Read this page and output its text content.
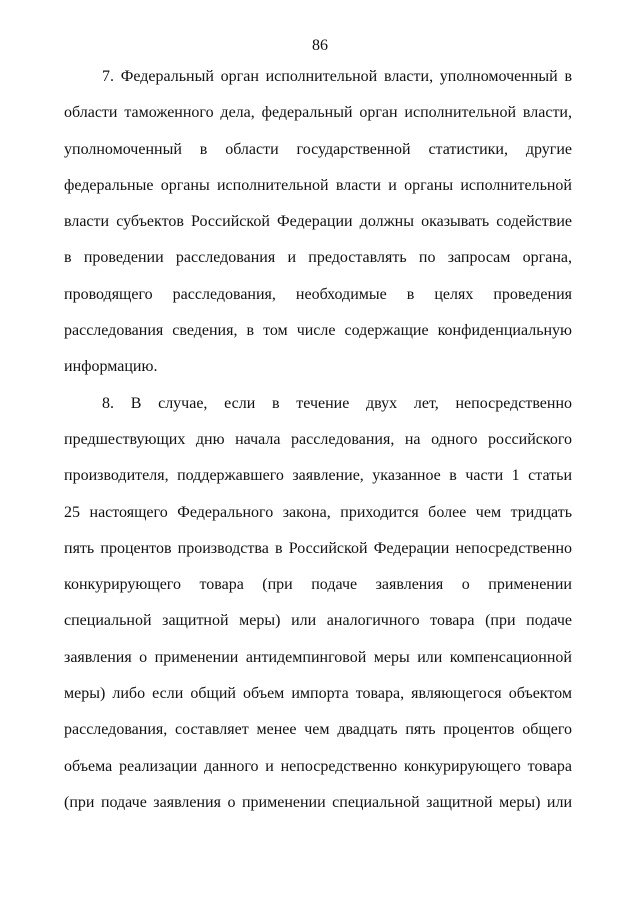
86
7. Федеральный орган исполнительной власти, уполномоченный в
области таможенного дела, федеральный орган исполнительной власти,
уполномоченный в области государственной статистики, другие
федеральные органы исполнительной власти и органы исполнительной
власти субъектов Российской Федерации должны оказывать содействие
в проведении расследования и предоставлять по запросам органа,
проводящего расследования, необходимые в целях проведения
расследования сведения, в том числе содержащие конфиденциальную
информацию.
8. В случае, если в течение двух лет, непосредственно
предшествующих дню начала расследования, на одного российского
производителя, поддержавшего заявление, указанное в части 1 статьи
25 настоящего Федерального закона, приходится более чем тридцать
пять процентов производства в Российской Федерации непосредственно
конкурирующего товара (при подаче заявления о применении
специальной защитной меры) или аналогичного товара (при подаче
заявления о применении антидемпинговой меры или компенсационной
меры) либо если общий объем импорта товара, являющегося объектом
расследования, составляет менее чем двадцать пять процентов общего
объема реализации данного и непосредственно конкурирующего товара
(при подаче заявления о применении специальной защитной меры) или
